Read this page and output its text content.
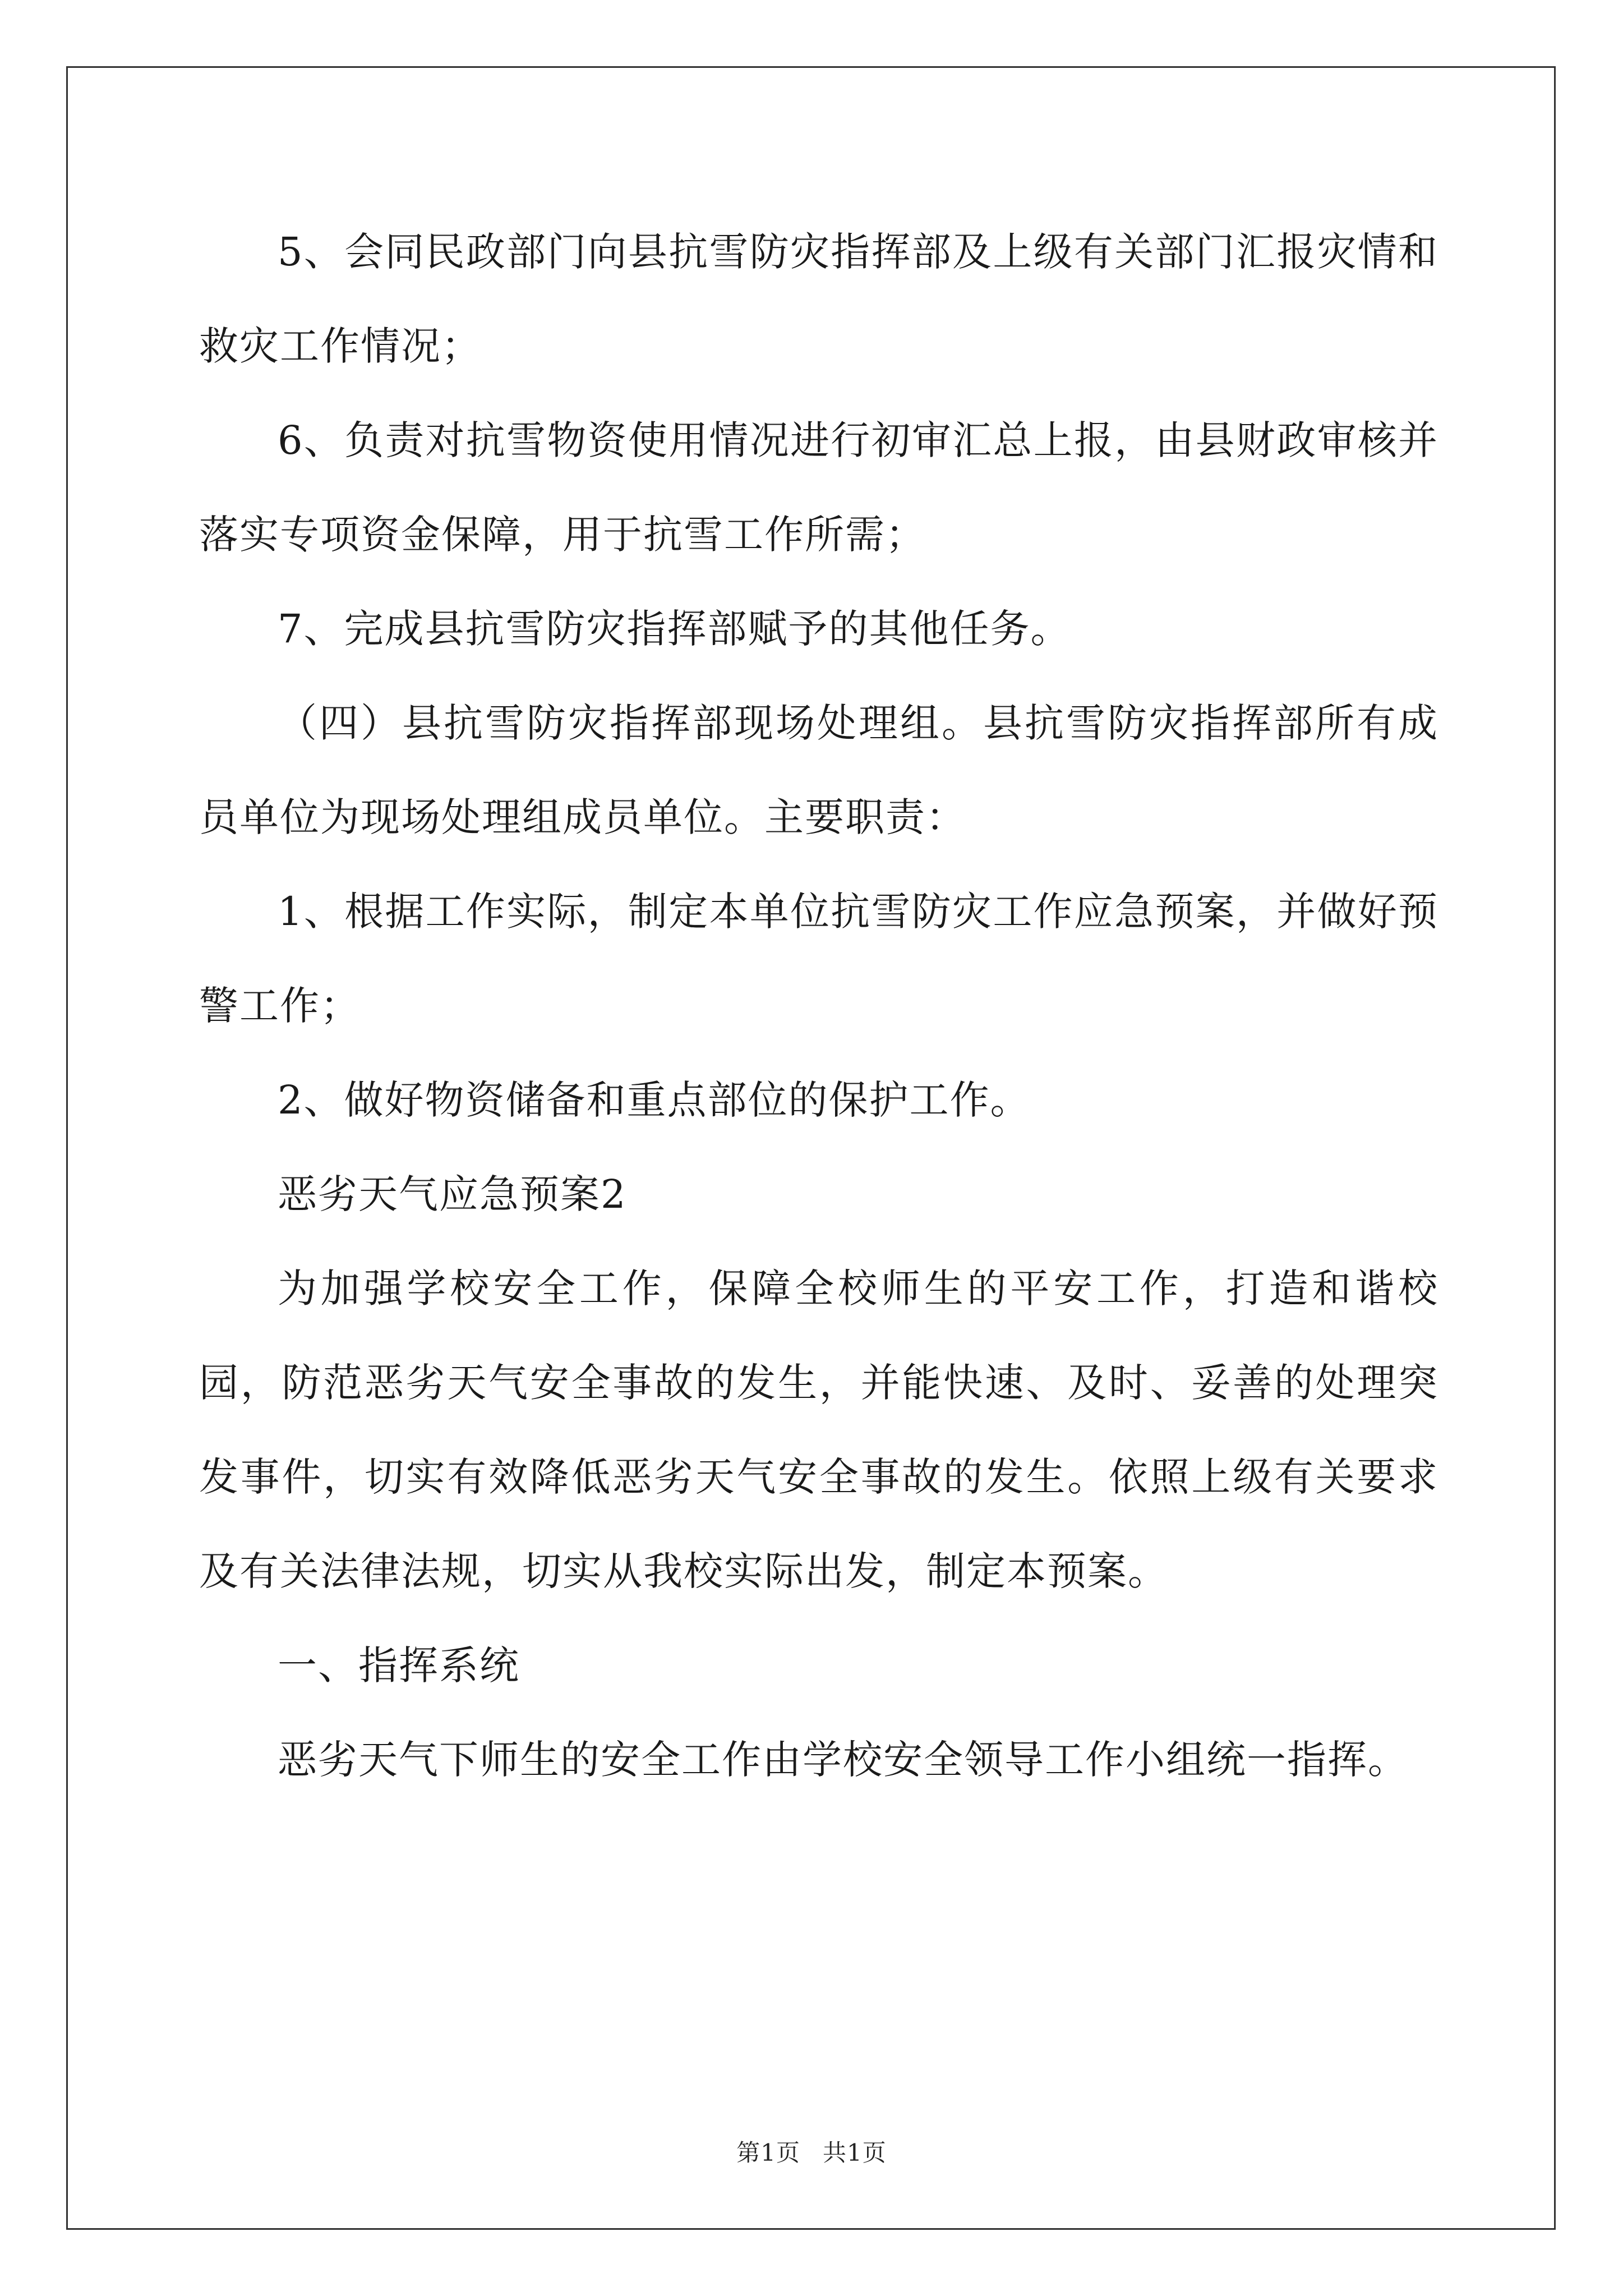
5、会同民政部门向县抗雪防灾指挥部及上级有关部门汇报灾情和救灾工作情况；

6、负责对抗雪物资使用情况进行初审汇总上报，由县财政审核并落实专项资金保障，用于抗雪工作所需；

7、完成县抗雪防灾指挥部赋予的其他任务。

（四）县抗雪防灾指挥部现场处理组。县抗雪防灾指挥部所有成员单位为现场处理组成员单位。主要职责：

1、根据工作实际，制定本单位抗雪防灾工作应急预案，并做好预警工作；

2、做好物资储备和重点部位的保护工作。

恶劣天气应急预案2

为加强学校安全工作，保障全校师生的平安工作，打造和谐校园，防范恶劣天气安全事故的发生，并能快速、及时、妥善的处理突发事件，切实有效降低恶劣天气安全事故的发生。依照上级有关要求及有关法律法规，切实从我校实际出发，制定本预案。

一、指挥系统

恶劣天气下师生的安全工作由学校安全领导工作小组统一指挥。

第1页 共1页
